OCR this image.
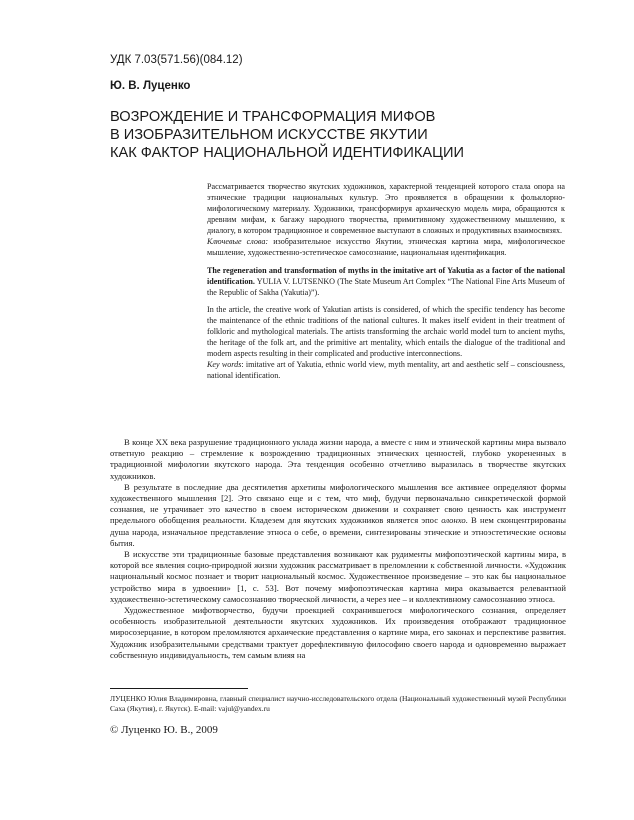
УДК 7.03(571.56)(084.12)
Ю. В. Луценко
ВОЗРОЖДЕНИЕ И ТРАНСФОРМАЦИЯ МИФОВ
В ИЗОБРАЗИТЕЛЬНОМ ИСКУССТВЕ ЯКУТИИ
КАК ФАКТОР НАЦИОНАЛЬНОЙ ИДЕНТИФИКАЦИИ

Рассматривается творчество якутских художников, характерной тенденцией которого стала опора на этнические традиции национальных культур. Это проявляется в обращении к фольклорно-мифологическому материалу. Художники, трансформируя архаическую модель мира, обращаются к древним мифам, к багажу народного творчества, примитивному художественному мышлению, к диалогу, в котором традиционное и современное выступают в сложных и продуктивных взаимосвязях.

Ключевые слова: изобразительное искусство Якутии, этническая картина мира, мифологическое мышление, художественно-эстетическое самосознание, национальная идентификация.

The regeneration and transformation of myths in the imitative art of Yakutia as a factor of the national identification. YULIA V. LUTSENKO (The State Museum Art Complex “The National Fine Arts Museum of the Republic of Sakha (Yakutia)”).

In the article, the creative work of Yakutian artists is considered, of which the specific tendency has become the maintenance of the ethnic traditions of the national cultures. It makes itself evident in their treatment of folkloric and mythological materials. The artists transforming the archaic world model turn to ancient myths, the heritage of the folk art, and the primitive art mentality, which entails the dialogue of the traditional and modern aspects resulting in their complicated and productive interconnections.

Key words: imitative art of Yakutia, ethnic world view, myth mentality, art and aesthetic self – consciousness, national identification.

В конце XX века разрушение традиционного уклада жизни народа, а вместе с ним и этнической картины мира вызвало ответную реакцию – стремление к возрождению традиционных этнических ценностей, глубоко укорененных в традиционной мифологии якутского народа. Эта тенденция особенно отчетливо выразилась в творчестве якутских художников.

В результате в последние два десятилетия архетипы мифологического мышления все активнее определяют формы художественного мышления [2]. Это связано еще и с тем, что миф, будучи первоначально синкретической формой сознания, не утрачивает это качество в своем историческом движении и сохраняет свою ценность как инструмент предельного обобщения реальности. Кладезем для якутских художников является эпос олонхо. В нем сконцентрированы душа народа, изначальное представление этноса о себе, о времени, синтезированы этические и этноэстетические основы бытия.

В искусстве эти традиционные базовые представления возникают как рудименты мифопоэтической картины мира, в которой все явления социо-природной жизни художник рассматривает в преломлении к собственной личности. «Художник национальный космос познает и творит национальный космос. Художественное произведение – это как бы национальное устройство мира в удвоении» [1, с. 53]. Вот почему мифопоэтическая картина мира оказывается релевантной художественно-эстетическому самосознанию творческой личности, а через нее – и коллективному самосознанию этноса.

Художественное мифотворчество, будучи проекцией сохранившегося мифологического сознания, определяет особенность изобразительной деятельности якутских художников. Их произведения отображают традиционное миросозерцание, в котором преломляются архаические представления о картине мира, его законах и перспективе развития. Художник изобразительными средствами трактует дорефлективную философию своего народа и одновременно выражает собственную индивидуальность, тем самым влияя на

ЛУЦЕНКО Юлия Владимировна, главный специалист научно-исследовательского отдела (Национальный художественный музей Республики Саха (Якутия), г. Якутск). E-mail: vajul@yandex.ru
© Луценко Ю. В., 2009
